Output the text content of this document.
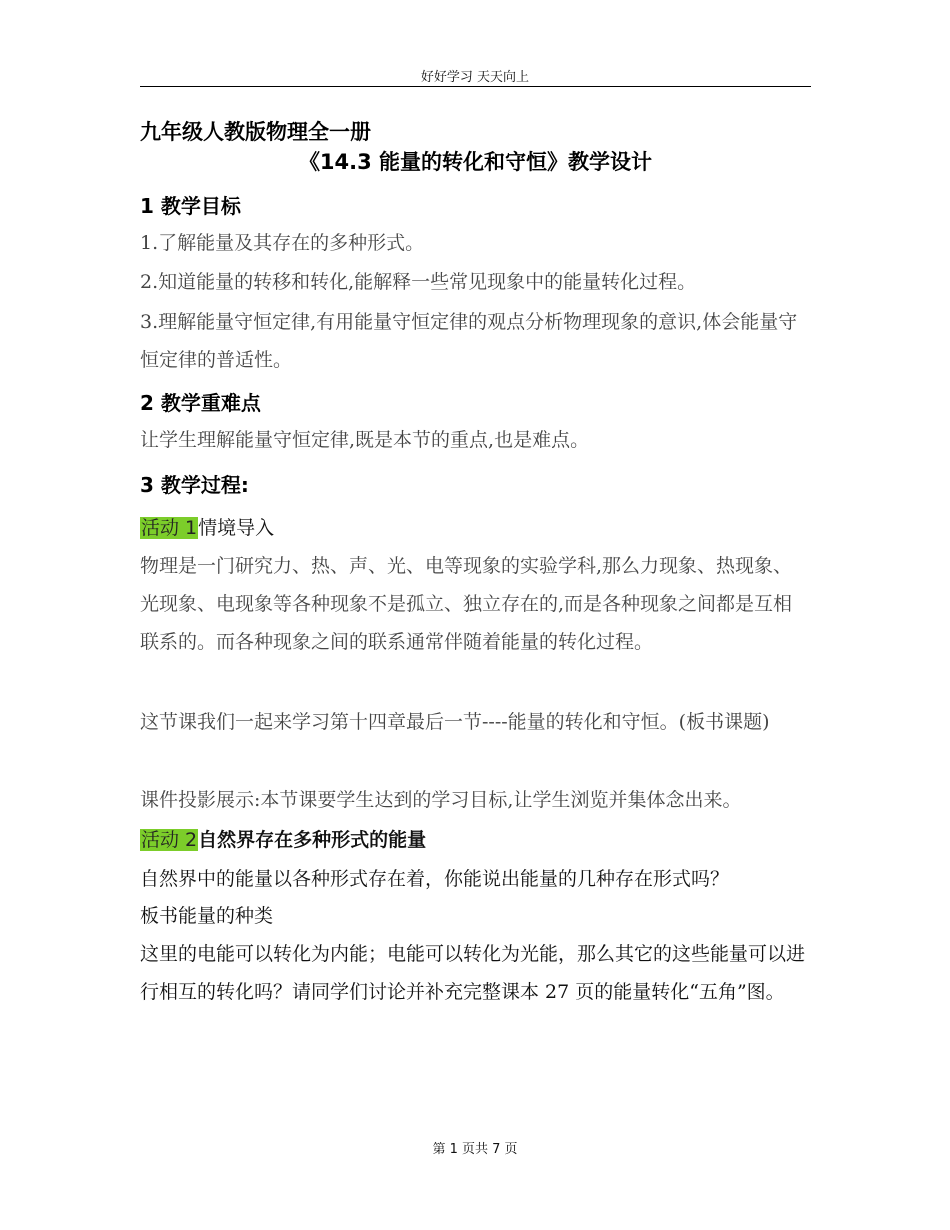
好好学习 天天向上
九年级人教版物理全一册
《14.3 能量的转化和守恒》教学设计
1 教学目标

1.了解能量及其存在的多种形式。

2.知道能量的转移和转化,能解释一些常见现象中的能量转化过程。

3.理解能量守恒定律,有用能量守恒定律的观点分析物理现象的意识,体会能量守恒定律的普适性。

2 教学重难点

让学生理解能量守恒定律,既是本节的重点,也是难点。

3 教学过程:
活动 1情境导入

物理是一门研究力、热、声、光、电等现象的实验学科,那么力现象、热现象、光现象、电现象等各种现象不是孤立、独立存在的,而是各种现象之间都是互相联系的。而各种现象之间的联系通常伴随着能量的转化过程。

这节课我们一起来学习第十四章最后一节----能量的转化和守恒。(板书课题)

课件投影展示:本节课要学生达到的学习目标,让学生浏览并集体念出来。

活动 2自然界存在多种形式的能量

自然界中的能量以各种形式存在着，你能说出能量的几种存在形式吗？

板书能量的种类

这里的电能可以转化为内能；电能可以转化为光能，那么其它的这些能量可以进行相互的转化吗？请同学们讨论并补充完整课本 27 页的能量转化“五角”图。

第 1 页共 7 页
